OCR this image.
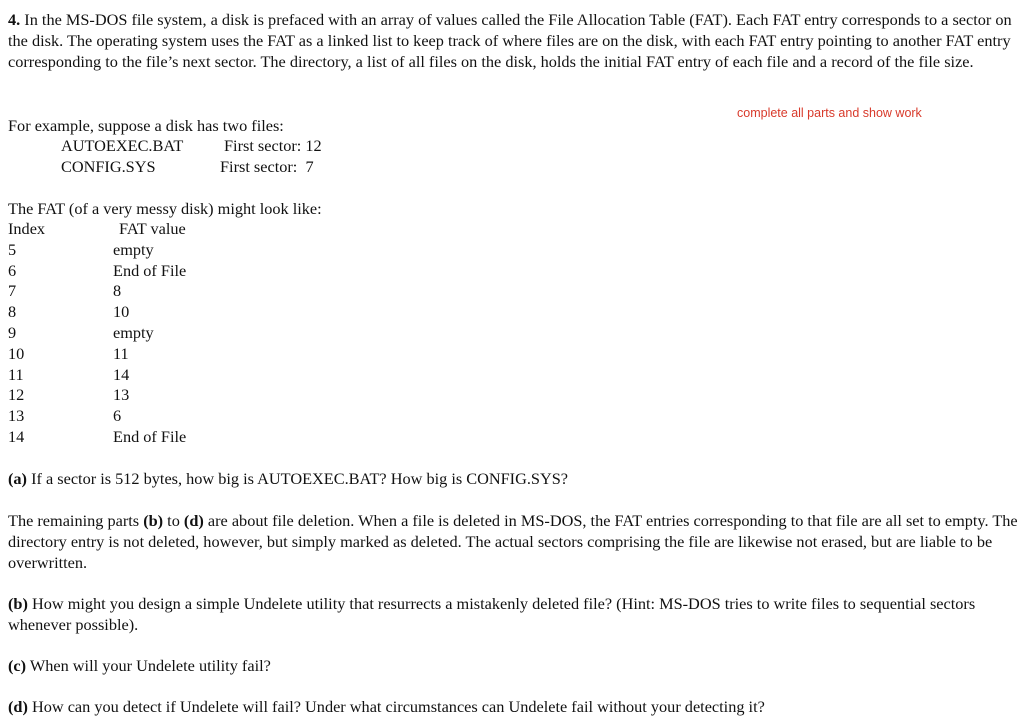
4. In the MS-DOS file system, a disk is prefaced with an array of values called the File Allocation Table (FAT). Each FAT entry corresponds to a sector on the disk. The operating system uses the FAT as a linked list to keep track of where files are on the disk, with each FAT entry pointing to another FAT entry corresponding to the file’s next sector. The directory, a list of all files on the disk, holds the initial FAT entry of each file and a record of the file size.

complete all parts and show work

For example, suppose a disk has two files:

AUTOEXEC.BAT First sector: 12
CONFIG.SYS	First sector:  7

The FAT (of a very messy disk) might look like:

Index	FAT value
5	empty
6	End of File
7	8
8	10
9	empty
10	11
11	14
12	13
13	6
14	End of File

(a) If a sector is 512 bytes, how big is AUTOEXEC.BAT? How big is CONFIG.SYS?

The remaining parts (b) to (d) are about file deletion. When a file is deleted in MS-DOS, the FAT entries corresponding to that file are all set to empty. The directory entry is not deleted, however, but simply marked as deleted. The actual sectors comprising the file are likewise not erased, but are liable to be overwritten.

(b) How might you design a simple Undelete utility that resurrects a mistakenly deleted file? (Hint: MS-DOS tries to write files to sequential sectors whenever possible).

(c) When will your Undelete utility fail?

(d) How can you detect if Undelete will fail? Under what circumstances can Undelete fail without your detecting it?
